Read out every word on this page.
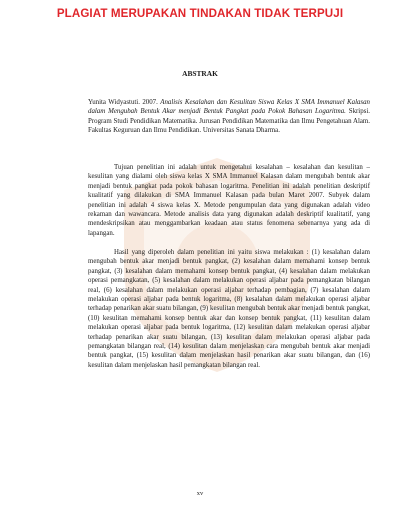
PLAGIAT MERUPAKAN TINDAKAN TIDAK TERPUJI
ABSTRAK
Yunita Widyastuti. 2007. Analisis Kesalahan dan Kesulitan Siswa Kelas X SMA Immanuel Kalasan dalam Mengubah Bentuk Akar menjadi Bentuk Pangkat pada Pokok Bahasan Logaritma. Skripsi. Program Studi Pendidikan Matematika. Jurusan Pendidikan Matematika dan Ilmu Pengetahuan Alam. Fakultas Keguruan dan Ilmu Pendidikan. Universitas Sanata Dharma.
Tujuan penelitian ini adalah untuk mengetahui kesalahan – kesalahan dan kesulitan – kesulitan yang dialami oleh siswa kelas X SMA Immanuel Kalasan dalam mengubah bentuk akar menjadi bentuk pangkat pada pokok bahasan logaritma. Penelitian ini adalah penelitian deskriptif kualitatif yang dilakukan di SMA Immanuel Kalasan pada bulan Maret 2007. Subyek dalam penelitian ini adalah 4 siswa kelas X. Metode pengumpulan data yang digunakan adalah video rekaman dan wawancara. Metode analisis data yang digunakan adalah deskriptif kualitatif, yang mendeskripsikan atau menggambarkan keadaan atau status fenomena sebenarnya yang ada di lapangan.
Hasil yang diperoleh dalam penelitian ini yaitu siswa melakukan : (1) kesalahan dalam mengubah bentuk akar menjadi bentuk pangkat, (2) kesalahan dalam memahami konsep bentuk pangkat, (3) kesalahan dalam memahami konsep bentuk pangkat, (4) kesalahan dalam melakukan operasi pemangkatan, (5) kesalahan dalam melakukan operasi aljabar pada pemangkatan bilangan real, (6) kesalahan dalam melakukan operasi aljabar terhadap pembagian, (7) kesalahan dalam melakukan operasi aljabar pada bentuk logaritma, (8) kesalahan dalam melakukan operasi aljabar terhadap penarikan akar suatu bilangan, (9) kesulitan mengubah bentuk akar menjadi bentuk pangkat, (10) kesulitan memahami konsep bentuk akar dan konsep bentuk pangkat, (11) kesulitan dalam melakukan operasi aljabar pada bentuk logaritma, (12) kesulitan dalam melakukan operasi aljabar terhadap penarikan akar suatu bilangan, (13) kesulitan dalam melakukan operasi aljabar pada pemangkatan bilangan real, (14) kesulitan dalam menjelaskan cara mengubah bentuk akar menjadi bentuk pangkat, (15) kesulitan dalam menjelaskan hasil penarikan akar suatu bilangan, dan (16) kesulitan dalam menjelaskan hasil pemangkatan bilangan real.
xv
